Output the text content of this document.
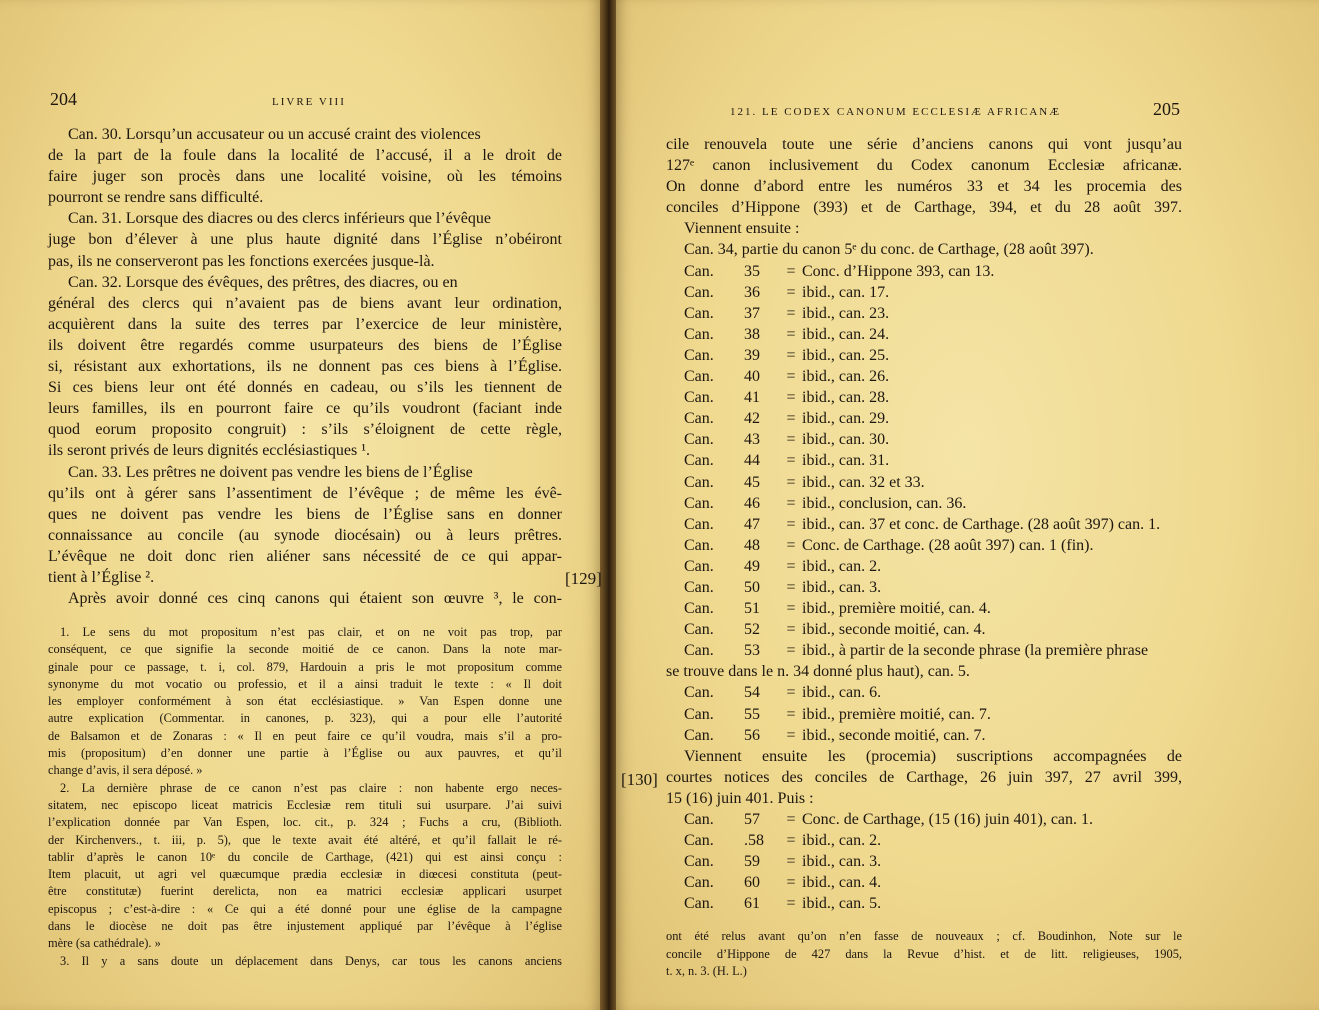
204	LIVRE VIII
Can. 30. Lorsqu’un accusateur ou un accusé craint des violences
de la part de la foule dans la localité de l’accusé, il a le droit de
faire juger son procès dans une localité voisine, où les témoins
pourront se rendre sans difficulté.
Can. 31. Lorsque des diacres ou des clercs inférieurs que l’évêque
juge bon d’élever à une plus haute dignité dans l’Église n’obéiront
pas, ils ne conserveront pas les fonctions exercées jusque-là.
Can. 32. Lorsque des évêques, des prêtres, des diacres, ou en
général des clercs qui n’avaient pas de biens avant leur ordination,
acquièrent dans la suite des terres par l’exercice de leur ministère,
ils doivent être regardés comme usurpateurs des biens de l’Église
si, résistant aux exhortations, ils ne donnent pas ces biens à l’Église.
Si ces biens leur ont été donnés en cadeau, ou s’ils les tiennent de
leurs familles, ils en pourront faire ce qu’ils voudront (faciant inde
quod eorum proposito congruit) : s’ils s’éloignent de cette règle,
ils seront privés de leurs dignités ecclésiastiques ¹.
Can. 33. Les prêtres ne doivent pas vendre les biens de l’Église
qu’ils ont à gérer sans l’assentiment de l’évêque ; de même les évê-
ques ne doivent pas vendre les biens de l’Église sans en donner
connaissance au concile (au synode diocésain) ou à leurs prêtres.
L’évêque ne doit donc rien aliéner sans nécessité de ce qui appar-
tient à l’Église ².
Après avoir donné ces cinq canons qui étaient son œuvre ³, le con-
1. Le sens du mot propositum n’est pas clair, et on ne voit pas trop, par
conséquent, ce que signifie la seconde moitié de ce canon. Dans la note mar-
ginale pour ce passage, t. i, col. 879, Hardouin a pris le mot propositum comme
synonyme du mot vocatio ou professio, et il a ainsi traduit le texte : « Il doit
les employer conformément à son état ecclésiastique. » Van Espen donne une
autre explication (Commentar. in canones, p. 323), qui a pour elle l’autorité
de Balsamon et de Zonaras : « Il en peut faire ce qu’il voudra, mais s’il a pro-
mis (propositum) d’en donner une partie à l’Église ou aux pauvres, et qu’il
change d’avis, il sera déposé. »
2. La dernière phrase de ce canon n’est pas claire : non habente ergo neces-
sitatem, nec episcopo liceat matricis Ecclesiæ rem tituli sui usurpare. J’ai suivi
l’explication donnée par Van Espen, loc. cit., p. 324 ; Fuchs a cru, (Biblioth.
der Kirchenvers., t. iii, p. 5), que le texte avait été altéré, et qu’il fallait le ré-
tablir d’après le canon 10ᵉ du concile de Carthage, (421) qui est ainsi conçu :
Item placuit, ut agri vel quæcumque prædia ecclesiæ in diœcesi constituta (peut-
être constitutæ) fuerint derelicta, non ea matrici ecclesiæ applicari usurpet
episcopus ; c’est-à-dire : « Ce qui a été donné pour une église de la campagne
dans le diocèse ne doit pas être injustement appliqué par l’évêque à l’église
mère (sa cathédrale). »
3. Il y a sans doute un déplacement dans Denys, car tous les canons anciens
121. LE CODEX CANONUM ECCLESIÆ AFRICANÆ	205
cile renouvela toute une série d’anciens canons qui vont jusqu’au
127ᵉ canon inclusivement du Codex canonum Ecclesiæ africanæ.
On donne d’abord entre les numéros 33 et 34 les procemia des
conciles d’Hippone (393) et de Carthage, 394, et du 28 août 397.
Viennent ensuite :
Can. 34, partie du canon 5ᵉ du conc. de Carthage, (28 août 397).
Can.	35	= Conc. d’Hippone 393, can 13.
Can.	36	= ibid., can. 17.
Can.	37	= ibid., can. 23.
Can.	38	= ibid., can. 24.
Can.	39	= ibid., can. 25.
Can.	40	= ibid., can. 26.
Can.	41	= ibid., can. 28.
Can.	42	= ibid., can. 29.
Can.	43	= ibid., can. 30.
Can.	44	= ibid., can. 31.
Can.	45	= ibid., can. 32 et 33.
Can.	46	= ibid., conclusion, can. 36.
Can.	47	= ibid., can. 37 et conc. de Carthage. (28 août 397) can. 1.
Can.	48	= Conc. de Carthage. (28 août 397) can. 1 (fin).
Can.	49	= ibid., can. 2.
Can.	50	= ibid., can. 3.
Can.	51	= ibid., première moitié, can. 4.
Can.	52	= ibid., seconde moitié, can. 4.
Can.	53	= ibid., à partir de la seconde phrase (la première phrase
se trouve dans le n. 34 donné plus haut), can. 5.
Can.	54	= ibid., can. 6.
Can.	55	= ibid., première moitié, can. 7.
Can.	56	= ibid., seconde moitié, can. 7.
Viennent ensuite les (procemia) suscriptions accompagnées de
courtes notices des conciles de Carthage, 26 juin 397, 27 avril 399,
15 (16) juin 401. Puis :
Can.	57	= Conc. de Carthage, (15 (16) juin 401), can. 1.
Can.	.58	= ibid., can. 2.
Can.	59	= ibid., can. 3.
Can.	60	= ibid., can. 4.
Can.	61	= ibid., can. 5.
ont été relus avant qu’on n’en fasse de nouveaux ; cf. Boudinhon, Note sur le
concile d’Hippone de 427 dans la Revue d’hist. et de litt. religieuses, 1905,
t. x, n. 3. (H. L.)
[129]
[130]
